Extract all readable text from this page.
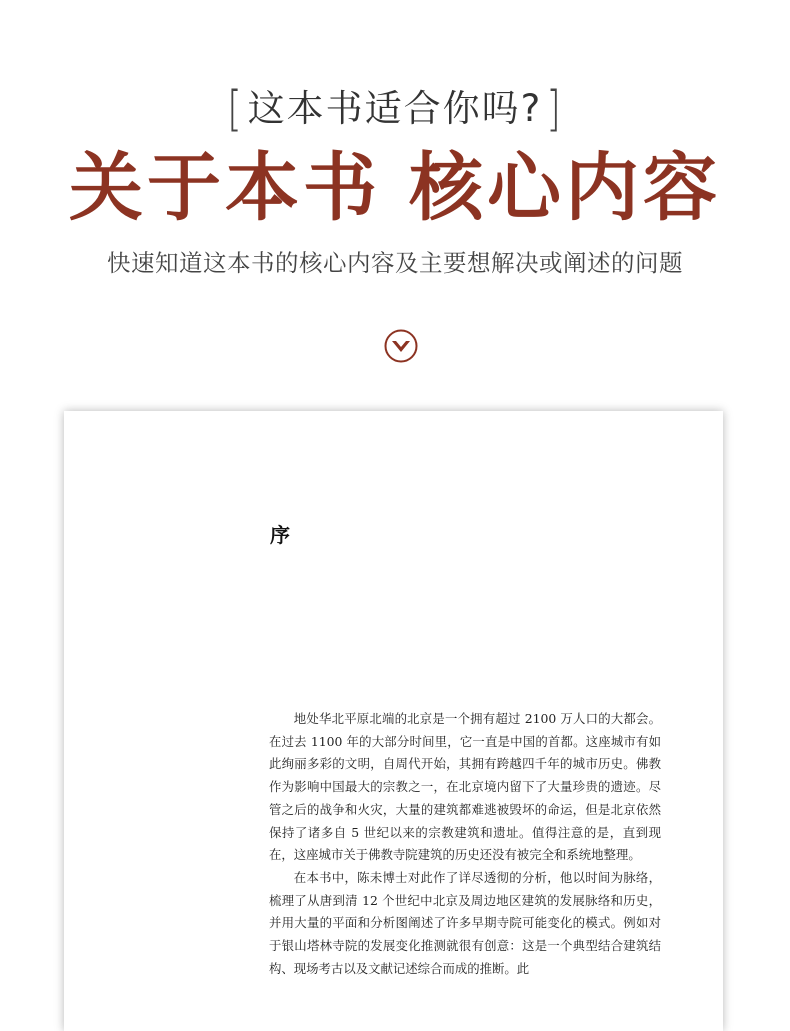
[ 这本书适合你吗? ]
关于本书 核心内容
快速知道这本书的核心内容及主要想解决或阐述的问题
序

地处华北平原北端的北京是一个拥有超过 2100 万人口的大都会。在过去 1100 年的大部分时间里，它一直是中国的首都。这座城市有如此绚丽多彩的文明，自周代开始，其拥有跨越四千年的城市历史。佛教作为影响中国最大的宗教之一，在北京境内留下了大量珍贵的遗迹。尽管之后的战争和火灾，大量的建筑都难逃被毁坏的命运，但是北京依然保持了诸多自 5 世纪以来的宗教建筑和遗址。值得注意的是，直到现在，这座城市关于佛教寺院建筑的历史还没有被完全和系统地整理。

在本书中，陈未博士对此作了详尽透彻的分析，他以时间为脉络，梳理了从唐到清 12 个世纪中北京及周边地区建筑的发展脉络和历史，并用大量的平面和分析图阐述了许多早期寺院可能变化的模式。例如对于银山塔林寺院的发展变化推测就很有创意：这是一个典型结合建筑结构、现场考古以及文献记述综合而成的推断。此
